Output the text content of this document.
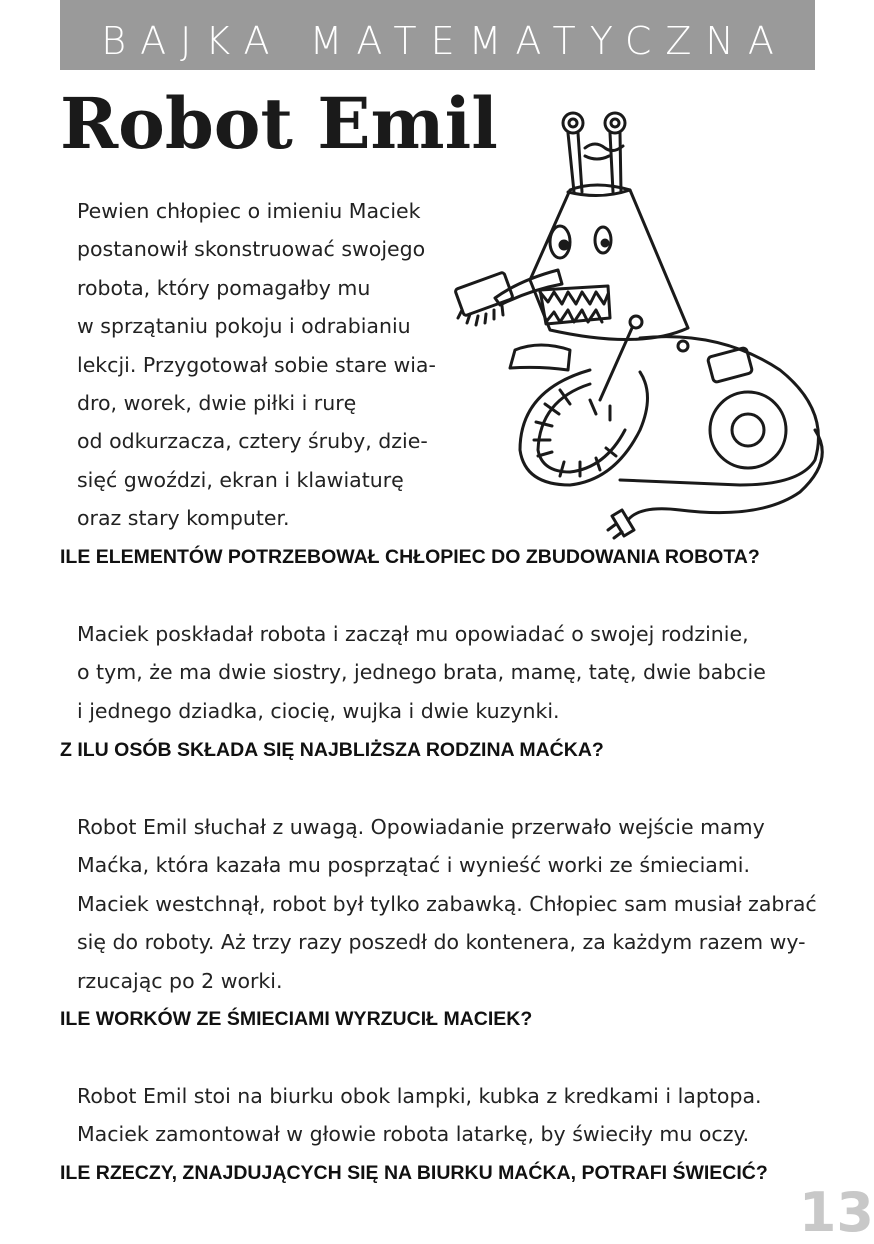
BAJKA MATEMATYCZNA
Robot Emil

Pewien chłopiec o imieniu Maciek
postanowił skonstruować swojego
robota, który pomagałby mu
w sprzątaniu pokoju i odrabianiu
lekcji. Przygotował sobie stare wia-
dro, worek, dwie piłki i rurę
od odkurzacza, cztery śruby, dzie-
sięć gwoździ, ekran i klawiaturę
oraz stary komputer.

ILE ELEMENTÓW POTRZEBOWAŁ CHŁOPIEC DO ZBUDOWANIA ROBOTA?

Maciek poskładał robota i zaczął mu opowiadać o swojej rodzinie,
o tym, że ma dwie siostry, jednego brata, mamę, tatę, dwie babcie
i jednego dziadka, ciocię, wujka i dwie kuzynki.

Z ILU OSÓB SKŁADA SIĘ NAJBLIŻSZA RODZINA MAĆKA?

Robot Emil słuchał z uwagą. Opowiadanie przerwało wejście mamy
Maćka, która kazała mu posprzątać i wynieść worki ze śmieciami.
Maciek westchnął, robot był tylko zabawką. Chłopiec sam musiał zabrać
się do roboty. Aż trzy razy poszedł do kontenera, za każdym razem wy-
rzucając po 2 worki.

ILE WORKÓW ZE ŚMIECIAMI WYRZUCIŁ MACIEK?

Robot Emil stoi na biurku obok lampki, kubka z kredkami i laptopa.
Maciek zamontował w głowie robota latarkę, by świeciły mu oczy.

ILE RZECZY, ZNAJDUJĄCYCH SIĘ NA BIURKU MAĆKA, POTRAFI ŚWIECIĆ?

13
